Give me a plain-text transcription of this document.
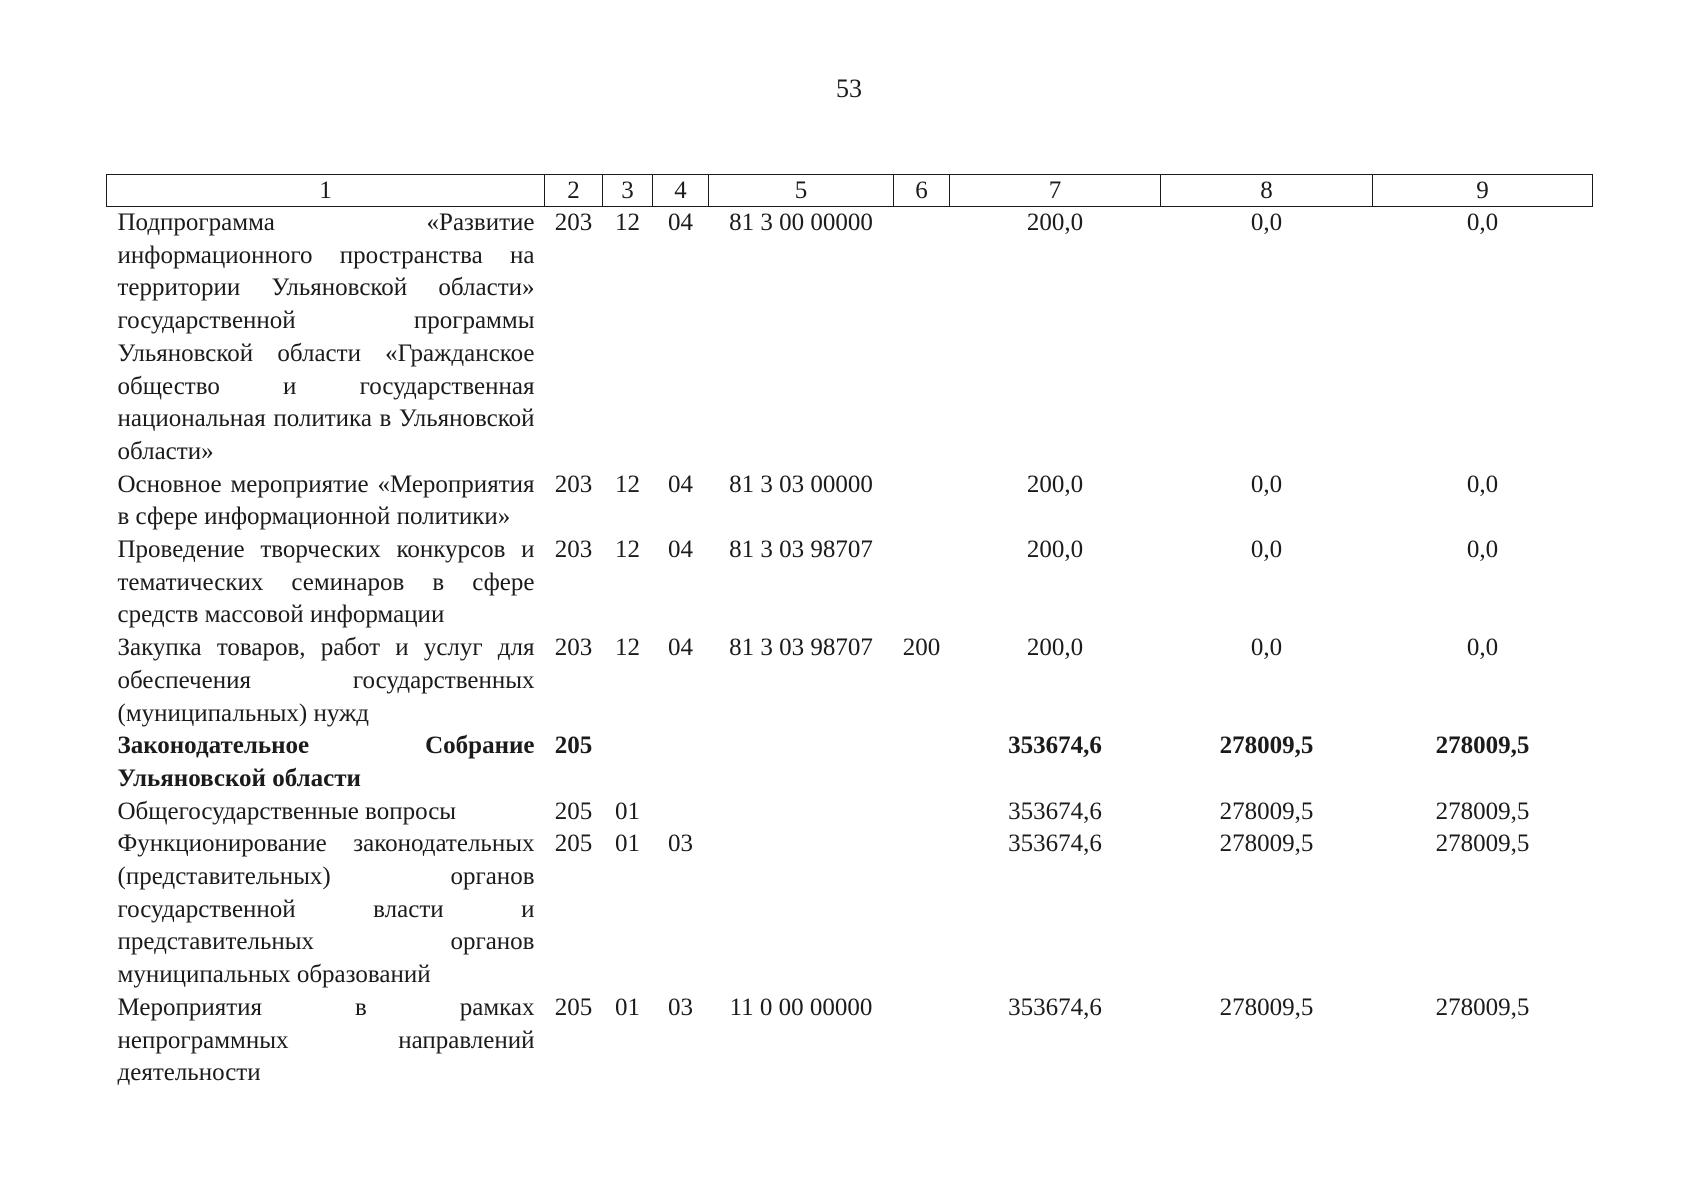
53
1	2	3	4	5	6	7	8	9
Подпрограмма «Развитие информационного пространства на территории Ульяновской области» государственной программы Ульяновской области «Гражданское общество и государственная национальная политика в Ульяновской области»	203	12	04	81 3 00 00000		200,0	0,0	0,0
Основное мероприятие «Мероприятия в сфере информационной политики»	203	12	04	81 3 03 00000		200,0	0,0	0,0
Проведение творческих конкурсов и тематических семинаров в сфере средств массовой информации	203	12	04	81 3 03 98707		200,0	0,0	0,0
Закупка товаров, работ и услуг для обеспечения государственных (муниципальных) нужд	203	12	04	81 3 03 98707	200	200,0	0,0	0,0
Законодательное Собрание Ульяновской области	205					353674,6	278009,5	278009,5
Общегосударственные вопросы	205	01				353674,6	278009,5	278009,5
Функционирование законодательных (представительных) органов государственной власти и представительных органов муниципальных образований	205	01	03			353674,6	278009,5	278009,5
Мероприятия в рамках непрограммных направлений деятельности	205	01	03	11 0 00 00000		353674,6	278009,5	278009,5
